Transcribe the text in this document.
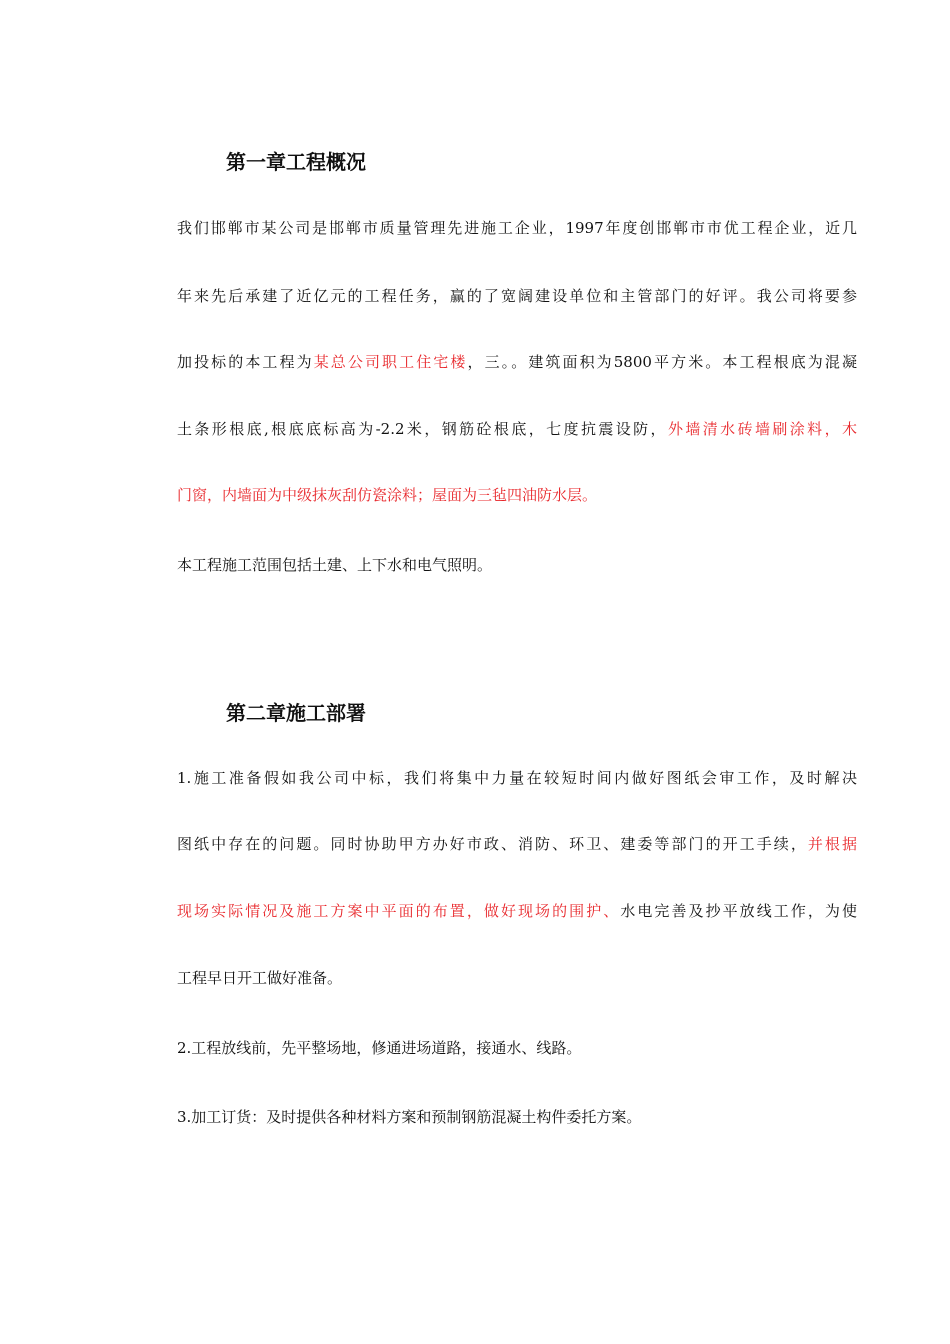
第一章工程概况

我们邯郸市某公司是邯郸市质量管理先进施工企业，1997年度创邯郸市市优工程企业，近几

年来先后承建了近亿元的工程任务，赢的了宽阔建设单位和主管部门的好评。我公司将要参

加投标的本工程为某总公司职工住宅楼，三。。建筑面积为5800平方米。本工程根底为混凝

土条形根底,根底底标高为-2.2米，钢筋砼根底，七度抗震设防，外墙清水砖墙刷涂料，木

门窗，内墙面为中级抹灰刮仿瓷涂料；屋面为三毡四油防水层。

本工程施工范围包括土建、上下水和电气照明。

第二章施工部署

1.施工准备假如我公司中标，我们将集中力量在较短时间内做好图纸会审工作，及时解决

图纸中存在的问题。同时协助甲方办好市政、消防、环卫、建委等部门的开工手续，并根据

现场实际情况及施工方案中平面的布置，做好现场的围护、水电完善及抄平放线工作，为使

工程早日开工做好准备。

2.工程放线前，先平整场地，修通进场道路，接通水、线路。

3.加工订货：及时提供各种材料方案和预制钢筋混凝土构件委托方案。
